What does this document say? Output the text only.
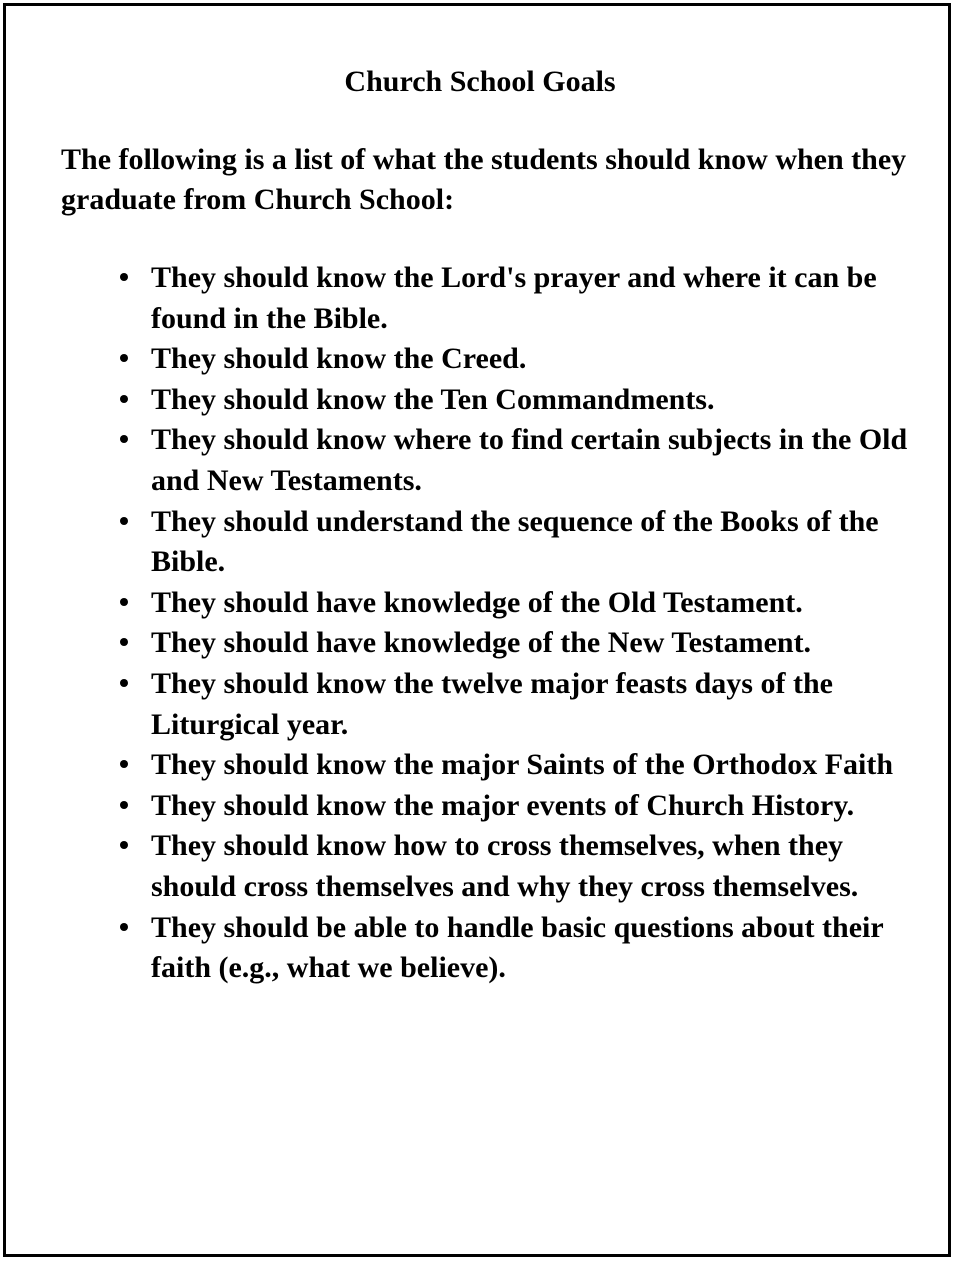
Church School Goals

The following is a list of what the students should know when they graduate from Church School:

They should know the Lord's prayer and where it can be found in the Bible.
They should know the Creed.
They should know the Ten Commandments.
They should know where to find certain subjects in the Old and New Testaments.
They should understand the sequence of the Books of the Bible.
They should have knowledge of the Old Testament.
They should have knowledge of the New Testament.
They should know the twelve major feasts days of the Liturgical year.
They should know the major Saints of the Orthodox Faith
They should know the major events of Church History.
They should know how to cross themselves, when they should cross themselves and why they cross themselves.
They should be able to handle basic questions about their faith (e.g., what we believe).
